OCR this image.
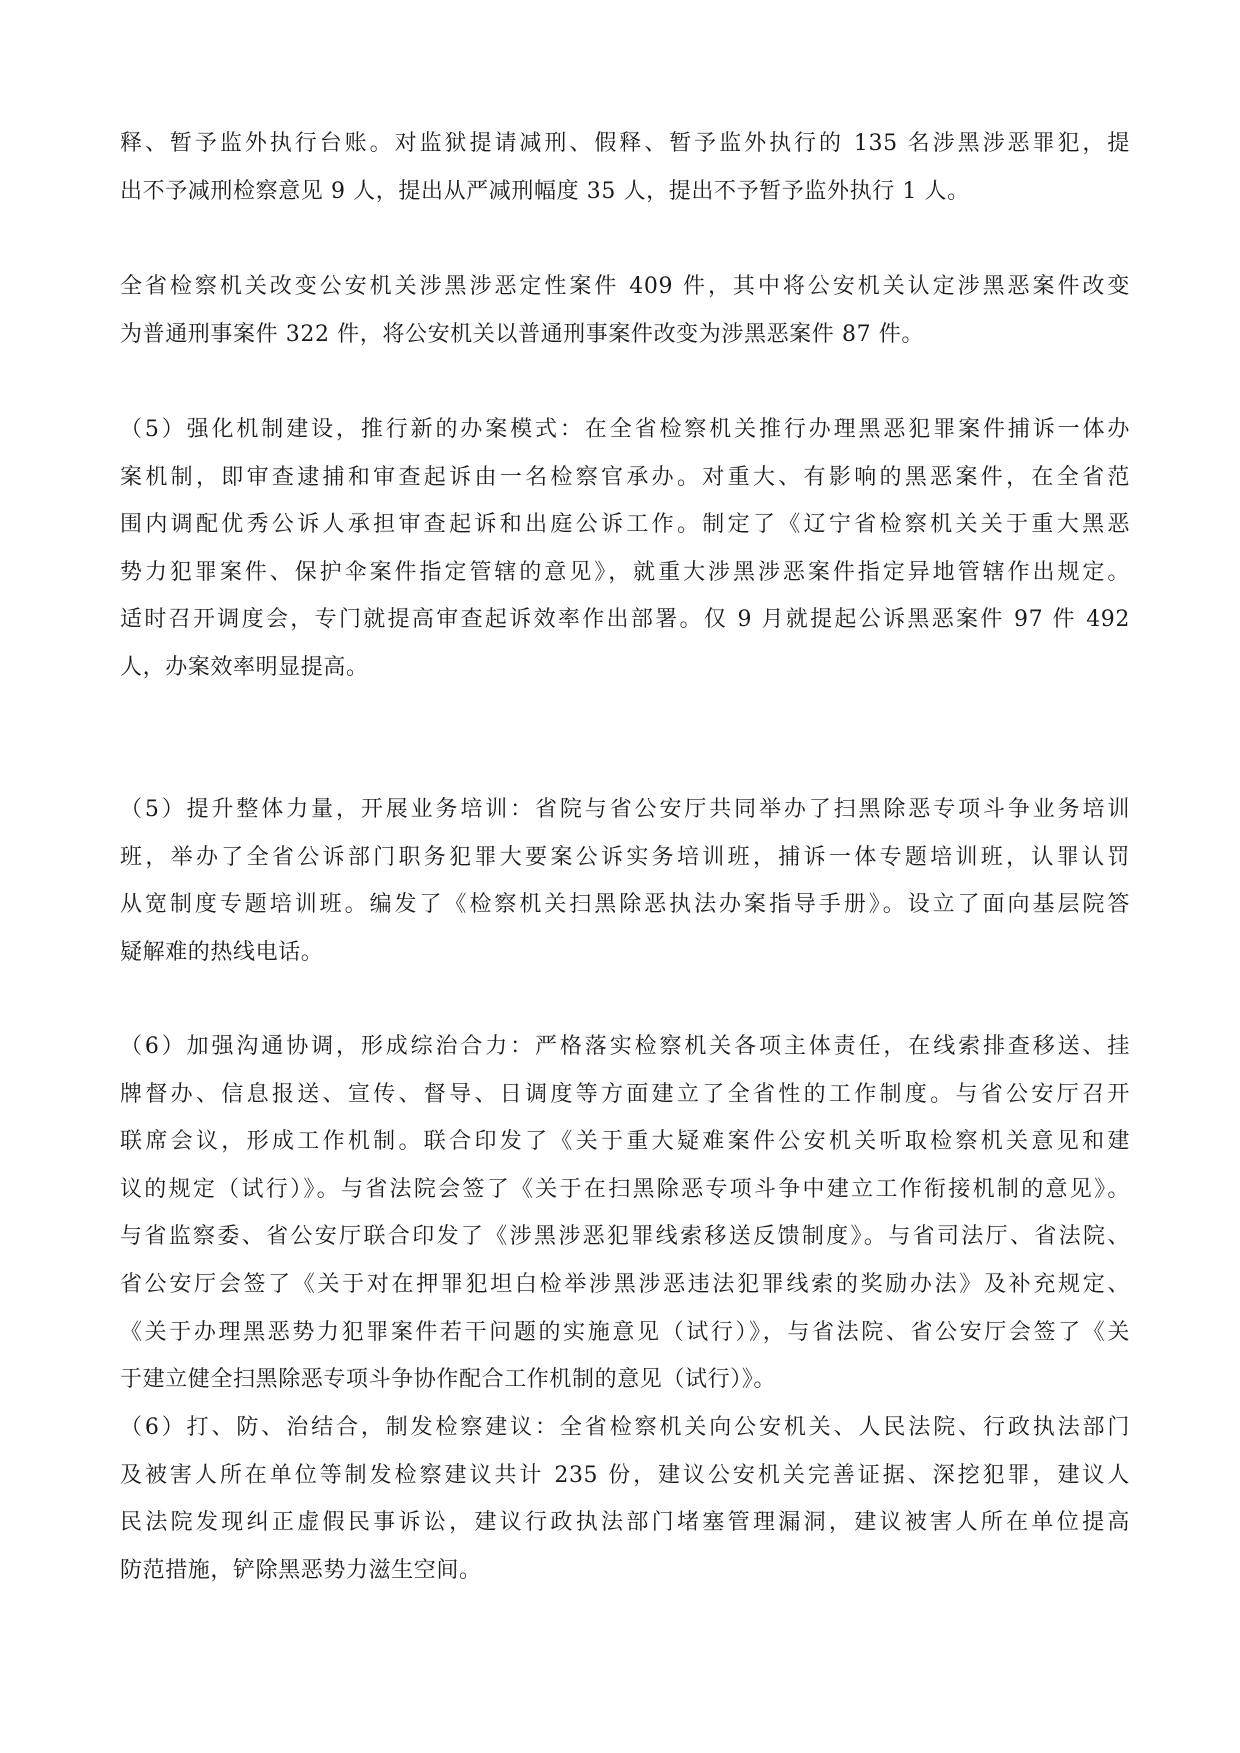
释、暂予监外执行台账。对监狱提请减刑、假释、暂予监外执行的 135 名涉黑涉恶罪犯，提
出不予减刑检察意见 9 人，提出从严减刑幅度 35 人，提出不予暂予监外执行 1 人。
全省检察机关改变公安机关涉黑涉恶定性案件 409 件，其中将公安机关认定涉黑恶案件改变
为普通刑事案件 322 件，将公安机关以普通刑事案件改变为涉黑恶案件 87 件。
（5）强化机制建设，推行新的办案模式：在全省检察机关推行办理黑恶犯罪案件捕诉一体办
案机制，即审查逮捕和审查起诉由一名检察官承办。对重大、有影响的黑恶案件，在全省范
围内调配优秀公诉人承担审查起诉和出庭公诉工作。制定了《辽宁省检察机关关于重大黑恶
势力犯罪案件、保护伞案件指定管辖的意见》，就重大涉黑涉恶案件指定异地管辖作出规定。
适时召开调度会，专门就提高审查起诉效率作出部署。仅 9 月就提起公诉黑恶案件 97 件 492
人，办案效率明显提高。
（5）提升整体力量，开展业务培训：省院与省公安厅共同举办了扫黑除恶专项斗争业务培训
班，举办了全省公诉部门职务犯罪大要案公诉实务培训班，捕诉一体专题培训班，认罪认罚
从宽制度专题培训班。编发了《检察机关扫黑除恶执法办案指导手册》。设立了面向基层院答
疑解难的热线电话。
（6）加强沟通协调，形成综治合力：严格落实检察机关各项主体责任，在线索排查移送、挂
牌督办、信息报送、宣传、督导、日调度等方面建立了全省性的工作制度。与省公安厅召开
联席会议，形成工作机制。联合印发了《关于重大疑难案件公安机关听取检察机关意见和建
议的规定（试行）》。与省法院会签了《关于在扫黑除恶专项斗争中建立工作衔接机制的意见》。
与省监察委、省公安厅联合印发了《涉黑涉恶犯罪线索移送反馈制度》。与省司法厅、省法院、
省公安厅会签了《关于对在押罪犯坦白检举涉黑涉恶违法犯罪线索的奖励办法》及补充规定、
《关于办理黑恶势力犯罪案件若干问题的实施意见（试行）》，与省法院、省公安厅会签了《关
于建立健全扫黑除恶专项斗争协作配合工作机制的意见（试行）》。
（6）打、防、治结合，制发检察建议：全省检察机关向公安机关、人民法院、行政执法部门
及被害人所在单位等制发检察建议共计 235 份，建议公安机关完善证据、深挖犯罪，建议人
民法院发现纠正虚假民事诉讼，建议行政执法部门堵塞管理漏洞，建议被害人所在单位提高
防范措施，铲除黑恶势力滋生空间。
